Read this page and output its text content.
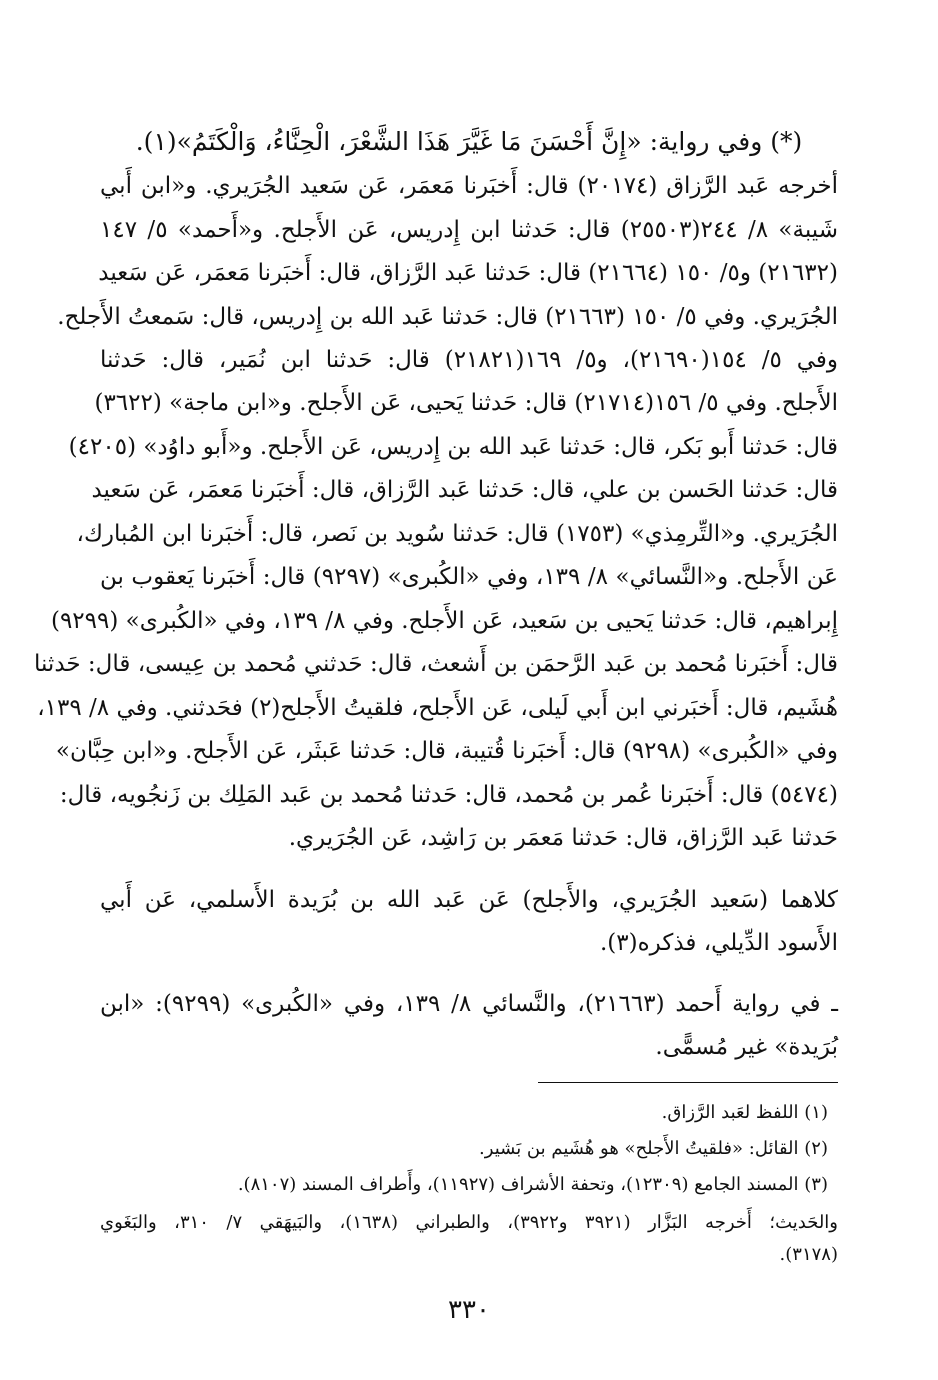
(*) وفي رواية: «إِنَّ أَحْسَنَ مَا غَيَّرَ هَذَا الشَّعْرَ، الْحِنَّاءُ، وَالْكَتَمُ»(١).
أخرجه عَبد الرَّزاق (٢٠١٧٤) قال: أَخبَرنا مَعمَر، عَن سَعيد الجُرَيري. و«ابن أَبي
شَيبة» ٨/ ٢٤٤(٢٥٥٠٣) قال: حَدثنا ابن إِدريس، عَن الأَجلح. و«أَحمد» ٥/ ١٤٧
(٢١٦٣٢) و٥/ ١٥٠ (٢١٦٦٤) قال: حَدثنا عَبد الرَّزاق، قال: أَخبَرنا مَعمَر، عَن سَعيد
الجُرَيري. وفي ٥/ ١٥٠ (٢١٦٦٣) قال: حَدثنا عَبد الله بن إِدريس، قال: سَمعتُ الأَجلح.
وفي ٥/ ١٥٤(٢١٦٩٠)، و٥/ ١٦٩(٢١٨٢١) قال: حَدثنا ابن نُمَير، قال: حَدثنا
الأَجلح. وفي ٥/ ١٥٦(٢١٧١٤) قال: حَدثنا يَحيى، عَن الأَجلح. و«ابن ماجة» (٣٦٢٢)
قال: حَدثنا أَبو بَكر، قال: حَدثنا عَبد الله بن إِدريس، عَن الأَجلح. و«أَبو داوُد» (٤٢٠٥)
قال: حَدثنا الحَسن بن علي، قال: حَدثنا عَبد الرَّزاق، قال: أَخبَرنا مَعمَر، عَن سَعيد
الجُرَيري. و«التِّرمِذي» (١٧٥٣) قال: حَدثنا سُويد بن نَصر، قال: أَخبَرنا ابن المُبارك،
عَن الأَجلح. و«النَّسائي» ٨/ ١٣٩، وفي «الكُبرى» (٩٢٩٧) قال: أَخبَرنا يَعقوب بن
إِبراهيم، قال: حَدثنا يَحيى بن سَعيد، عَن الأَجلح. وفي ٨/ ١٣٩، وفي «الكُبرى» (٩٢٩٩)
قال: أَخبَرنا مُحمد بن عَبد الرَّحمَن بن أَشعث، قال: حَدثني مُحمد بن عِيسى، قال: حَدثنا
هُشَيم، قال: أَخبَرني ابن أَبي لَيلى، عَن الأَجلح، فلقيتُ الأَجلح(٢) فحَدثني. وفي ٨/ ١٣٩،
وفي «الكُبرى» (٩٢٩٨) قال: أَخبَرنا قُتيبة، قال: حَدثنا عَبثَر، عَن الأَجلح. و«ابن حِبَّان»
(٥٤٧٤) قال: أَخبَرنا عُمر بن مُحمد، قال: حَدثنا مُحمد بن عَبد المَلِك بن زَنجُويه، قال:
حَدثنا عَبد الرَّزاق، قال: حَدثنا مَعمَر بن رَاشِد، عَن الجُرَيري.
كلاهما (سَعيد الجُرَيري، والأَجلح) عَن عَبد الله بن بُرَيدة الأَسلمي، عَن أَبي
الأَسود الدِّيلي، فذكره(٣).
ـ في رواية أَحمد (٢١٦٦٣)، والنَّسائي ٨/ ١٣٩، وفي «الكُبرى» (٩٢٩٩): «ابن
بُرَيدة» غير مُسمًّى.
(١) اللفظ لعَبد الرَّزاق.
(٢) القائل: «فلقيتُ الأَجلح» هو هُشَيم بن بَشير.
(٣) المسند الجامع (١٢٣٠٩)، وتحفة الأشراف (١١٩٢٧)، وأَطراف المسند (٨١٠٧).
والحَديث؛ أَخرجه البَزَّار (٣٩٢١ و٣٩٢٢)، والطبراني (١٦٣٨)، والبَيهَقي ٧/ ٣١٠، والبَغَوي
(٣١٧٨).
٣٣٠
